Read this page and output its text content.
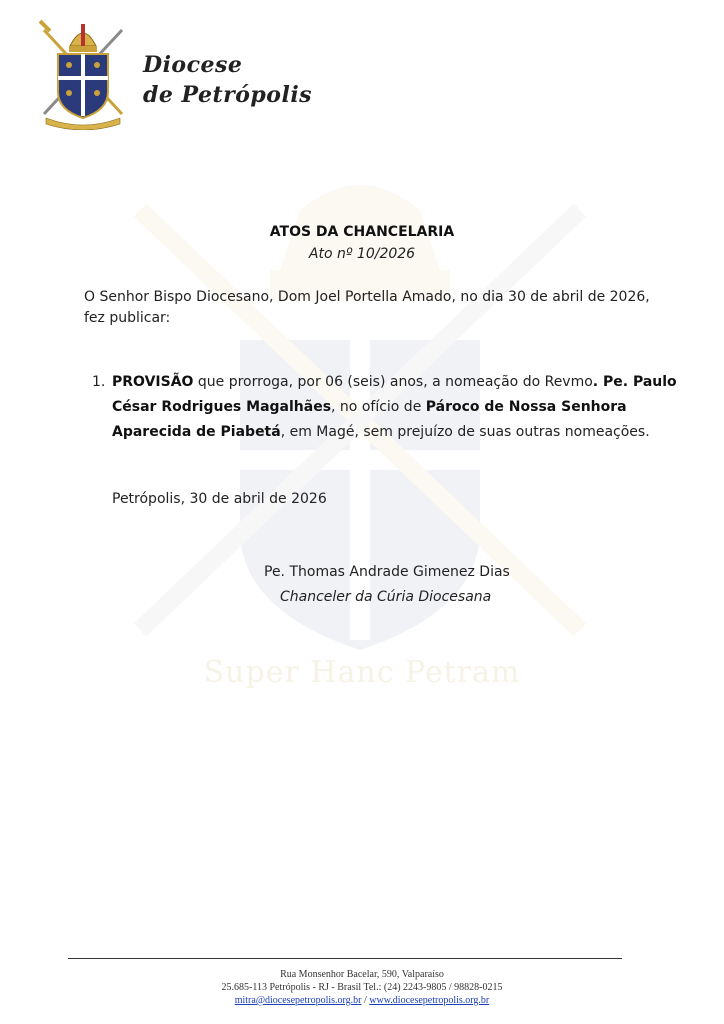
Super Hanc Petram
Diocese
de Petrópolis
ATOS DA CHANCELARIA
Ato nº 10/2026
O Senhor Bispo Diocesano, Dom Joel Portella Amado, no dia 30 de abril de 2026, fez publicar:
1. PROVISÃO que prorroga, por 06 (seis) anos, a nomeação do Revmo. Pe. Paulo César Rodrigues Magalhães, no ofício de Pároco de Nossa Senhora Aparecida de Piabetá, em Magé, sem prejuízo de suas outras nomeações.
Petrópolis, 30 de abril de 2026
Pe. Thomas Andrade Gimenez Dias
Chanceler da Cúria Diocesana
Rua Monsenhor Bacelar, 590, Valparaíso
25.685-113 Petrópolis - RJ - Brasil Tel.: (24) 2243-9805 / 98828-0215
mitra@diocesepetropolis.org.br / www.diocesepetropolis.org.br
